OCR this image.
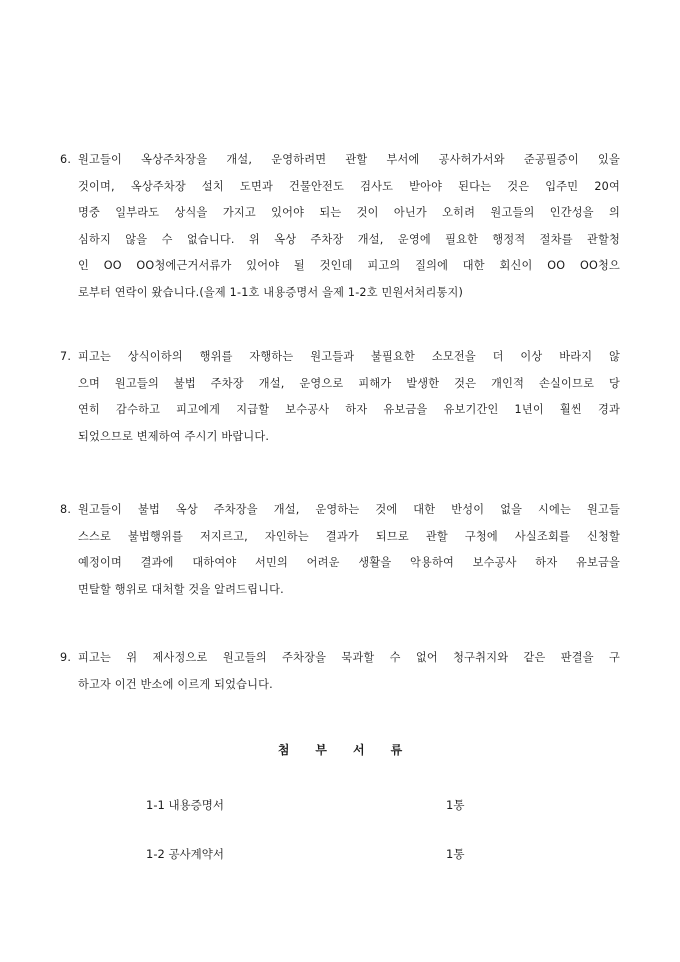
6. 원고들이 옥상주차장을 개설, 운영하려면 관할 부서에 공사허가서와 준공필증이 있을
것이며, 옥상주차장 설치 도면과 건물안전도 검사도 받아야 된다는 것은 입주민 20여
명중 일부라도 상식을 가지고 있어야 되는 것이 아닌가 오히려 원고들의 인간성을 의
심하지 않을 수 없습니다. 위 옥상 주차장 개설, 운영에 필요한 행정적 절차를 관할청
인 OO OO청에근거서류가 있어야 될 것인데 피고의 질의에 대한 회신이 OO OO청으
로부터 연락이 왔습니다.(을제 1-1호 내용증명서 을제 1-2호 민원서처리통지)
7. 피고는 상식이하의 행위를 자행하는 원고들과 불필요한 소모전을 더 이상 바라지 않
으며 원고들의 불법 주차장 개설, 운영으로 피해가 발생한 것은 개인적 손실이므로 당
연히 감수하고 피고에게 지급할 보수공사 하자 유보금을 유보기간인 1년이 훨씬 경과
되었으므로 변제하여 주시기 바랍니다.
8. 원고들이 불법 옥상 주차장을 개설, 운영하는 것에 대한 반성이 없을 시에는 원고들
스스로 불법행위를 저지르고, 자인하는 결과가 되므로 관할 구청에 사실조회를 신청할
예정이며 결과에 대하여야 서민의 어려운 생활을 악용하여 보수공사 하자 유보금을
면탈할 행위로 대처할 것을 알려드립니다.
9. 피고는 위 제사정으로 원고들의 주차장을 묵과할 수 없어 청구취지와 같은 판결을 구
하고자 이건 반소에 이르게 되었습니다.
첨부서류
1-1 내용증명서	1통
1-2 공사계약서	1통
